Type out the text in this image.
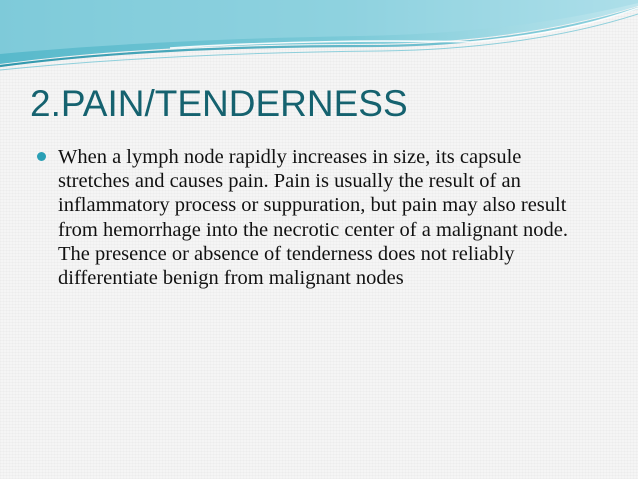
2.PAIN/TENDERNESS
When a lymph node rapidly increases in size, its capsule stretches and causes pain. Pain is usually the result of an inflammatory process or suppuration, but pain may also result from hemorrhage into the necrotic center of a malignant node. The presence or absence of tenderness does not reliably differentiate benign from malignant nodes
